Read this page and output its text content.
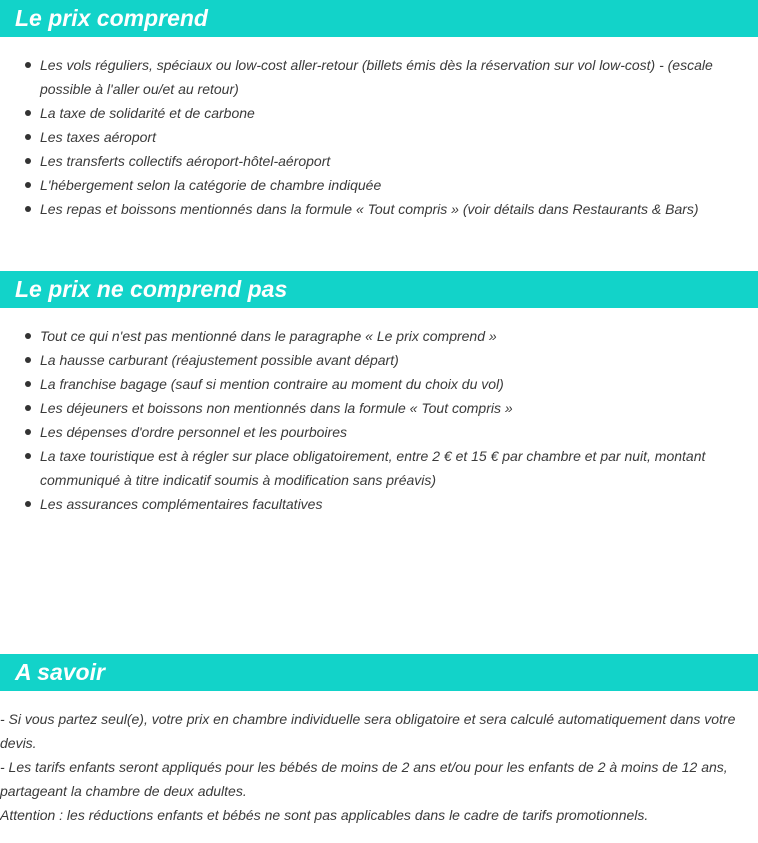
Le prix comprend
Les vols réguliers, spéciaux ou low-cost aller-retour (billets émis dès la réservation sur vol low-cost) - (escale possible à l'aller ou/et au retour)
La taxe de solidarité et de carbone
Les taxes aéroport
Les transferts collectifs aéroport-hôtel-aéroport
L'hébergement selon la catégorie de chambre indiquée
Les repas et boissons mentionnés dans la formule « Tout compris » (voir détails dans Restaurants & Bars)
Le prix ne comprend pas
Tout ce qui n'est pas mentionné dans le paragraphe « Le prix comprend »
La hausse carburant (réajustement possible avant départ)
La franchise bagage (sauf si mention contraire au moment du choix du vol)
Les déjeuners et boissons non mentionnés dans la formule « Tout compris »
Les dépenses d'ordre personnel et les pourboires
La taxe touristique est à régler sur place obligatoirement, entre 2 € et 15 € par chambre et par nuit, montant communiqué à titre indicatif soumis à modification sans préavis)
Les assurances complémentaires facultatives
A savoir

- Si vous partez seul(e), votre prix en chambre individuelle sera obligatoire et sera calculé automatiquement dans votre devis.

- Les tarifs enfants seront appliqués pour les bébés de moins de 2 ans et/ou pour les enfants de 2 à moins de 12 ans, partageant la chambre de deux adultes.

Attention : les réductions enfants et bébés ne sont pas applicables dans le cadre de tarifs promotionnels.
